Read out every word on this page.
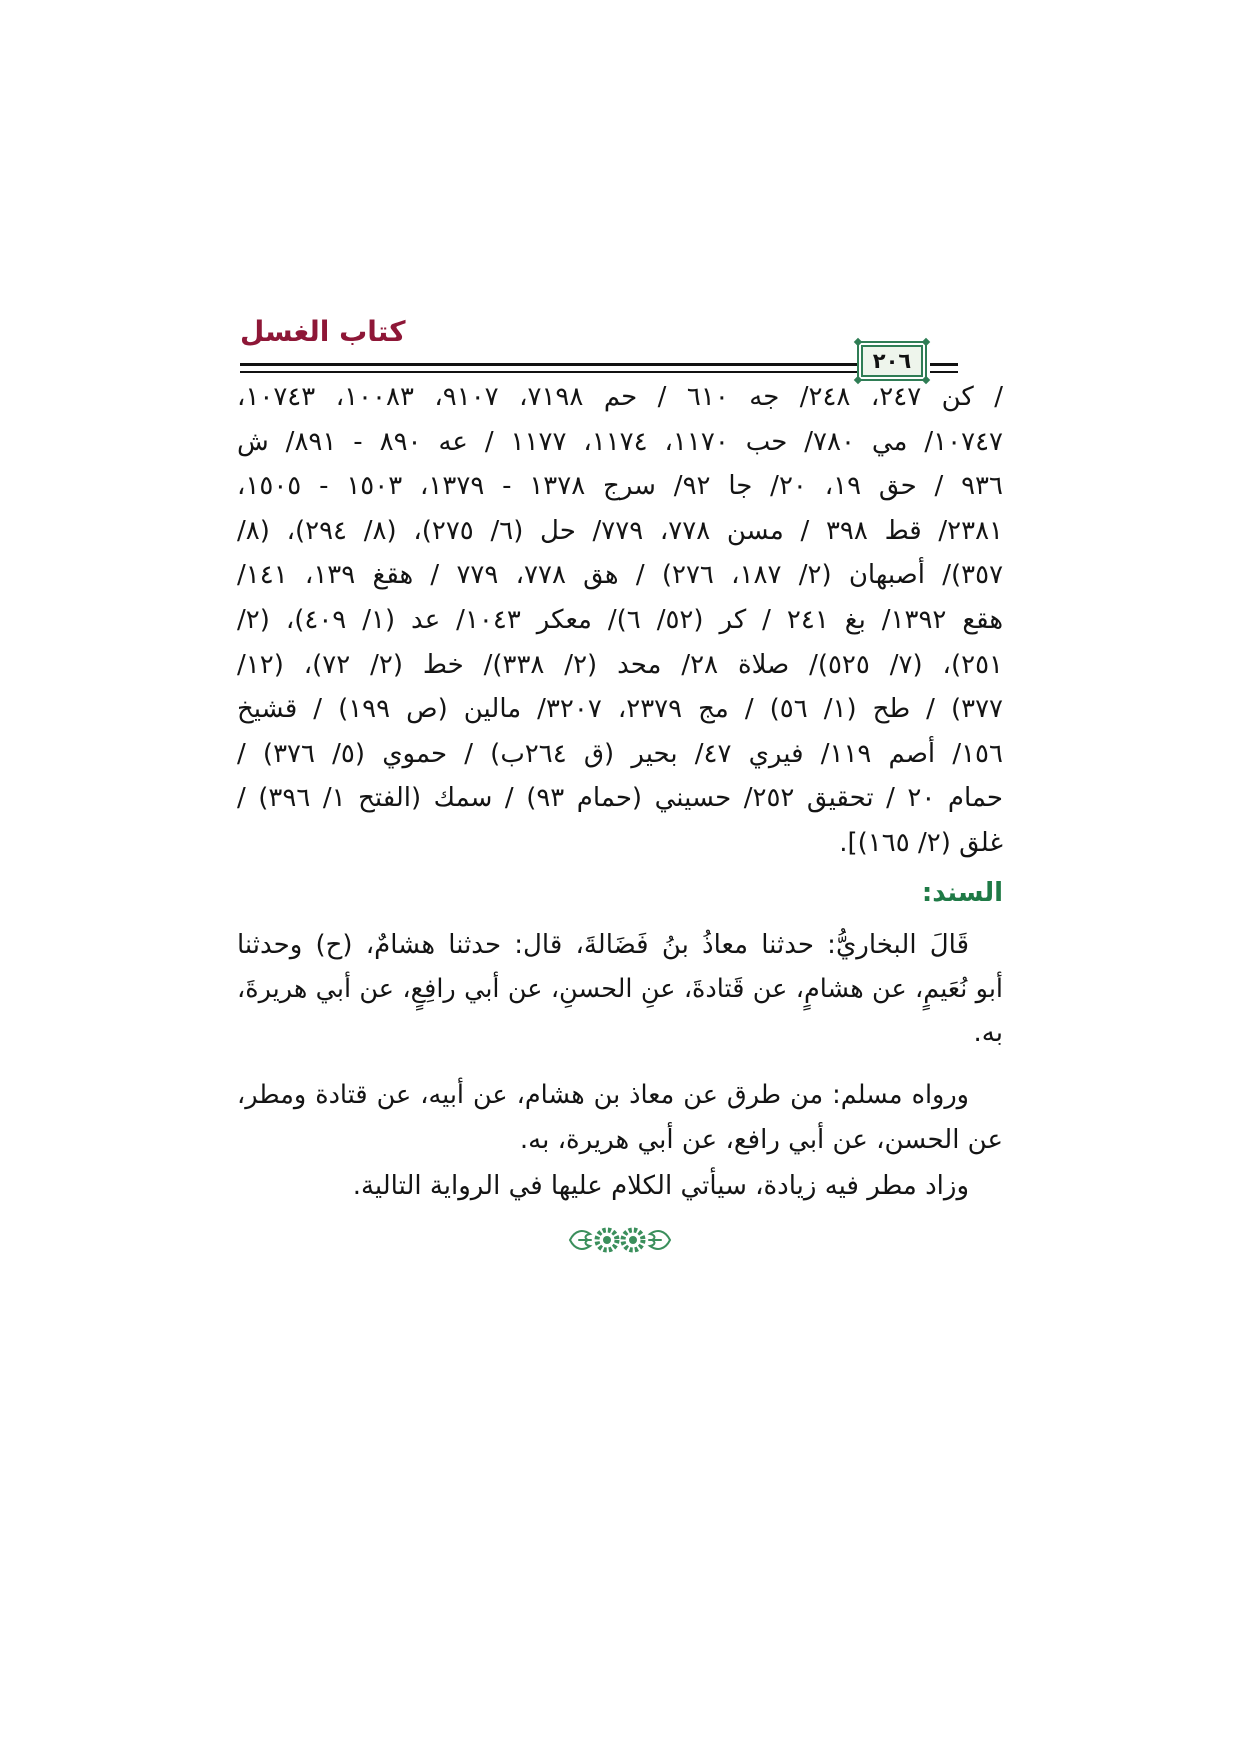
كتاب الغسل
٢٠٦
/ كن ٢٤٧، ٢٤٨/ جه ٦١٠ / حم ٧١٩٨، ٩١٠٧، ١٠٠٨٣، ١٠٧٤٣،
١٠٧٤٧/ مي ٧٨٠/ حب ١١٧٠، ١١٧٤، ١١٧٧ / عه ٨٩٠ - ٨٩١/ ش
٩٣٦ / حق ١٩، ٢٠/ جا ٩٢/ سرج ١٣٧٨ - ١٣٧٩، ١٥٠٣ - ١٥٠٥،
٢٣٨١/ قط ٣٩٨ / مسن ٧٧٨، ٧٧٩/ حل (٦/ ٢٧٥)، (٨/ ٢٩٤)، (٨/
٣٥٧)/ أصبهان (٢/ ١٨٧، ٢٧٦) / هق ٧٧٨، ٧٧٩ / هقغ ١٣٩، ١٤١/
هقع ١٣٩٢/ بغ ٢٤١ / كر (٥٢/ ٦)/ معكر ١٠٤٣/ عد (١/ ٤٠٩)، (٢/
٢٥١)، (٧/ ٥٢٥)/ صلاة ٢٨/ محد (٢/ ٣٣٨)/ خط (٢/ ٧٢)، (١٢/
٣٧٧) / طح (١/ ٥٦) / مج ٢٣٧٩، ٣٢٠٧/ مالين (ص ١٩٩) / قشيخ
١٥٦/ أصم ١١٩/ فيري ٤٧/ بحير (ق ٢٦٤ب) / حموي (٥/ ٣٧٦) /
حمام ٢٠ / تحقيق ٢٥٢/ حسيني (حمام ٩٣) / سمك (الفتح ١/ ٣٩٦) /
غلق (٢/ ١٦٥)].
السند:
قَالَ البخاريُّ: حدثنا معاذُ بنُ فَضَالةَ، قال: حدثنا هشامٌ، (ح) وحدثنا
أبو نُعَيمٍ، عن هشامٍ، عن قَتادةَ، عنِ الحسنِ، عن أبي رافِعٍ، عن أبي هريرةَ،
به.
ورواه مسلم: من طرق عن معاذ بن هشام، عن أبيه، عن قتادة ومطر،
عن الحسن، عن أبي رافع، عن أبي هريرة، به.
وزاد مطر فيه زيادة، سيأتي الكلام عليها في الرواية التالية.
